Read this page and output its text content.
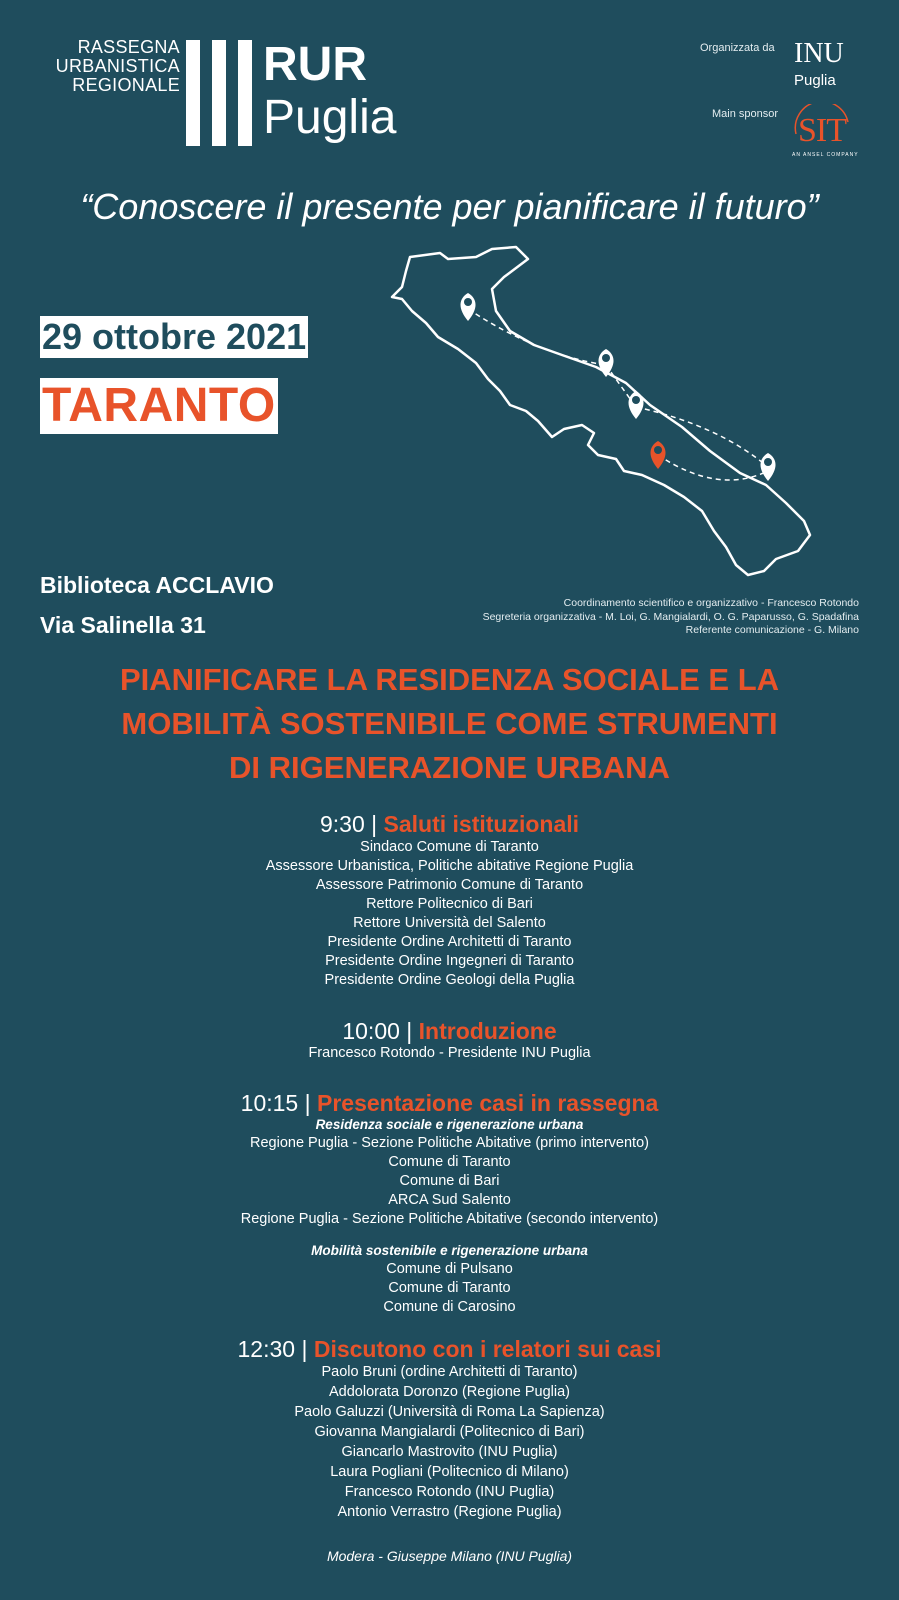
RASSEGNA
URBANISTICA
REGIONALE RUR
Puglia
Organizzata da INU
Puglia
Main sponsor SIT
AN ANSEL COMPANY
“Conoscere il presente per pianificare il futuro”
29 ottobre 2021
TARANTO
Biblioteca ACCLAVIO
Via Salinella 31
Coordinamento scientifico e organizzativo - Francesco Rotondo
Segreteria organizzativa - M. Loi, G. Mangialardi, O. G. Paparusso, G. Spadafina
Referente comunicazione - G. Milano
PIANIFICARE LA RESIDENZA SOCIALE E LA
MOBILITÀ SOSTENIBILE COME STRUMENTI
DI RIGENERAZIONE URBANA
9:30 | Saluti istituzionali
Sindaco Comune di Taranto
Assessore Urbanistica, Politiche abitative Regione Puglia
Assessore Patrimonio Comune di Taranto
Rettore Politecnico di Bari
Rettore Università del Salento
Presidente Ordine Architetti di Taranto
Presidente Ordine Ingegneri di Taranto
Presidente Ordine Geologi della Puglia
10:00 | Introduzione
Francesco Rotondo - Presidente INU Puglia
10:15 | Presentazione casi in rassegna
Residenza sociale e rigenerazione urbana
Regione Puglia - Sezione Politiche Abitative (primo intervento)
Comune di Taranto
Comune di Bari
ARCA Sud Salento
Regione Puglia - Sezione Politiche Abitative (secondo intervento)
Mobilità sostenibile e rigenerazione urbana
Comune di Pulsano
Comune di Taranto
Comune di Carosino
12:30 | Discutono con i relatori sui casi
Paolo Bruni (ordine Architetti di Taranto)
Addolorata Doronzo (Regione Puglia)
Paolo Galuzzi (Università di Roma La Sapienza)
Giovanna Mangialardi (Politecnico di Bari)
Giancarlo Mastrovito (INU Puglia)
Laura Pogliani (Politecnico di Milano)
Francesco Rotondo (INU Puglia)
Antonio Verrastro (Regione Puglia)
Modera - Giuseppe Milano (INU Puglia)
